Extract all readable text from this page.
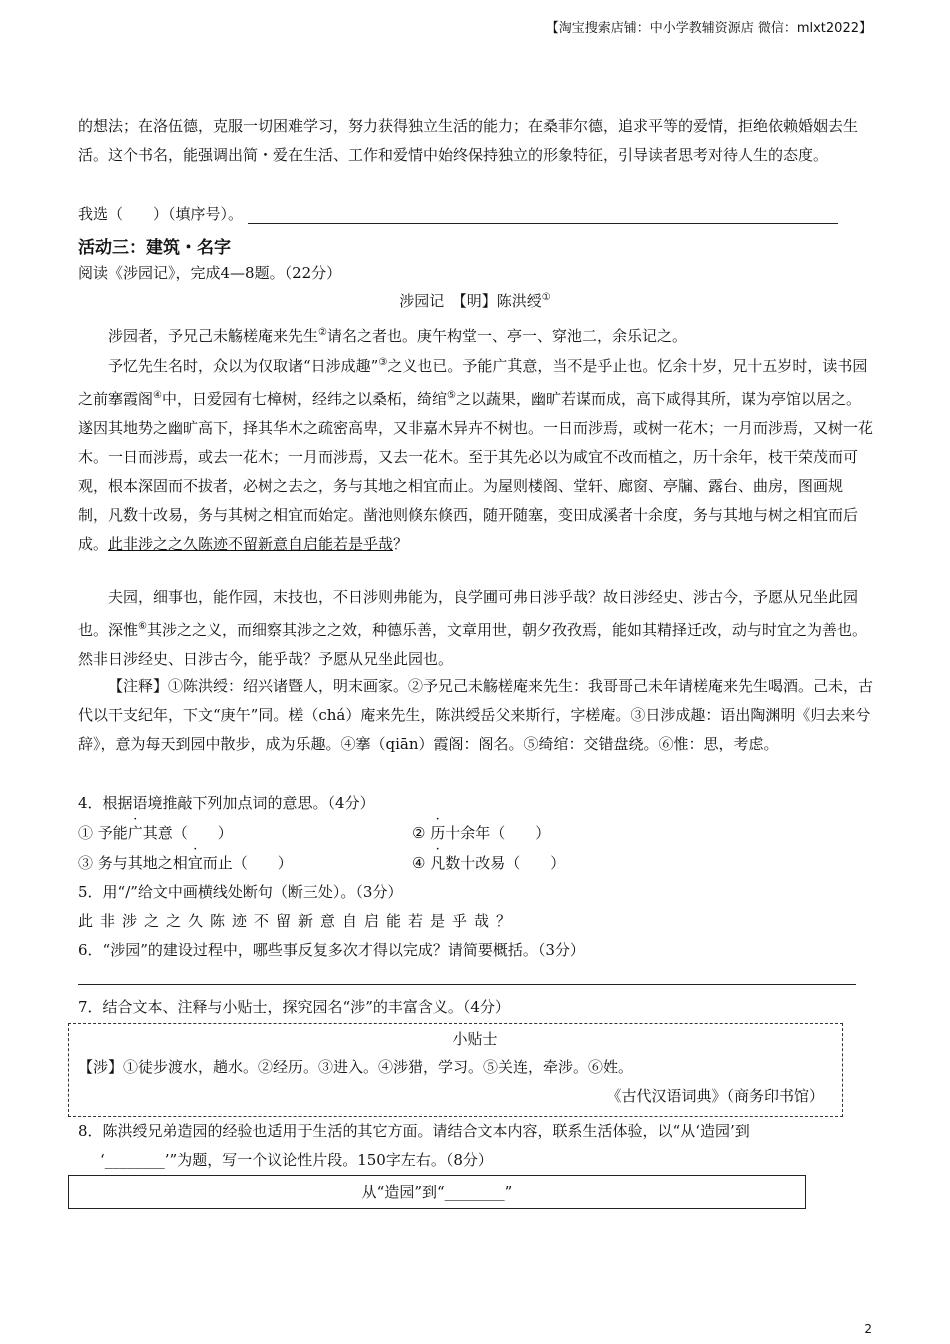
【淘宝搜索店铺：中小学教辅资源店 微信：mlxt2022】

的想法；在洛伍德，克服一切困难学习，努力获得独立生活的能力；在桑菲尔德，追求平等的爱情，拒绝依赖婚姻去生活。这个书名，能强调出简・爱在生活、工作和爱情中始终保持独立的形象特征，引导读者思考对待人生的态度。

我选（　　）（填序号）。
活动三：建筑・名字
阅读《涉园记》，完成4—8题。（22分）
涉园记　【明】陈洪绶①

涉园者，予兄己未觞槎庵来先生②请名之者也。庚午构堂一、亭一、穿池二，余乐记之。

予忆先生名时，众以为仅取诸“日涉成趣”③之义也已。予能广其意，当不是乎止也。忆余十岁，兄十五岁时，读书园之前搴霞阁④中，日爱园有七樟树，经纬之以桑柘，绮绾⑤之以蔬果，幽旷若谋而成，高下咸得其所，谋为亭馆以居之。遂因其地势之幽旷高下，择其华木之疏密高卑，又非嘉木异卉不树也。一日而涉焉，或树一花木；一月而涉焉，又树一花木。一日而涉焉，或去一花木；一月而涉焉，又去一花木。至于其先必以为咸宜不改而植之，历十余年，枝干荣茂而可观，根本深固而不拔者，必树之去之，务与其地之相宜而止。为屋则楼阁、堂轩、廊窗、亭牖、露台、曲房，图画规制，凡数十改易，务与其树之相宜而始定。凿池则倏东倏西，随开随塞，变田成溪者十余度，务与其地与树之相宜而后成。此非涉之之久陈迹不留新意自启能若是乎哉？

夫园，细事也，能作园，末技也，不日涉则弗能为，良学圃可弗日涉乎哉？故日涉经史、涉古今，予愿从兄坐此园也。深惟⑥其涉之之义，而细察其涉之之效，种德乐善，文章用世，朝夕孜孜焉，能如其精择迁改，动与时宜之为善也。然非日涉经史、日涉古今，能乎哉？予愿从兄坐此园也。

【注释】①陈洪绶：绍兴诸暨人，明末画家。②予兄己未觞槎庵来先生：我哥哥己未年请槎庵来先生喝酒。己未，古代以干支纪年，下文“庚午”同。槎（chá）庵来先生，陈洪绶岳父来斯行，字槎庵。③日涉成趣：语出陶渊明《归去来兮辞》，意为每天到园中散步，成为乐趣。④搴（qiān）霞阁：阁名。⑤绮绾：交错盘绕。⑥惟：思，考虑。

4．根据语境推敲下列加点词的意思。（4分）
① 予能广其意（　　）	② 历十余年（　　）
③ 务与其地之相宜而止（　　）	④ 凡数十改易（　　）
5．用“/”给文中画横线处断句（断三处）。（3分）
此非涉之之久陈迹不留新意自启能若是乎哉？
6．“涉园”的建设过程中，哪些事反复多次才得以完成？请简要概括。（3分）
7．结合文本、注释与小贴士，探究园名“涉”的丰富含义。（4分）
小贴士
【涉】①徒步渡水，趟水。②经历。③进入。④涉猎，学习。⑤关连，牵涉。⑥姓。
《古代汉语词典》（商务印书馆）
8．陈洪绶兄弟造园的经验也适用于生活的其它方面。请结合文本内容，联系生活体验，以“从‘造园’到
‘________’”为题，写一个议论性片段。150字左右。（8分）
从“造园”到“________”
2
